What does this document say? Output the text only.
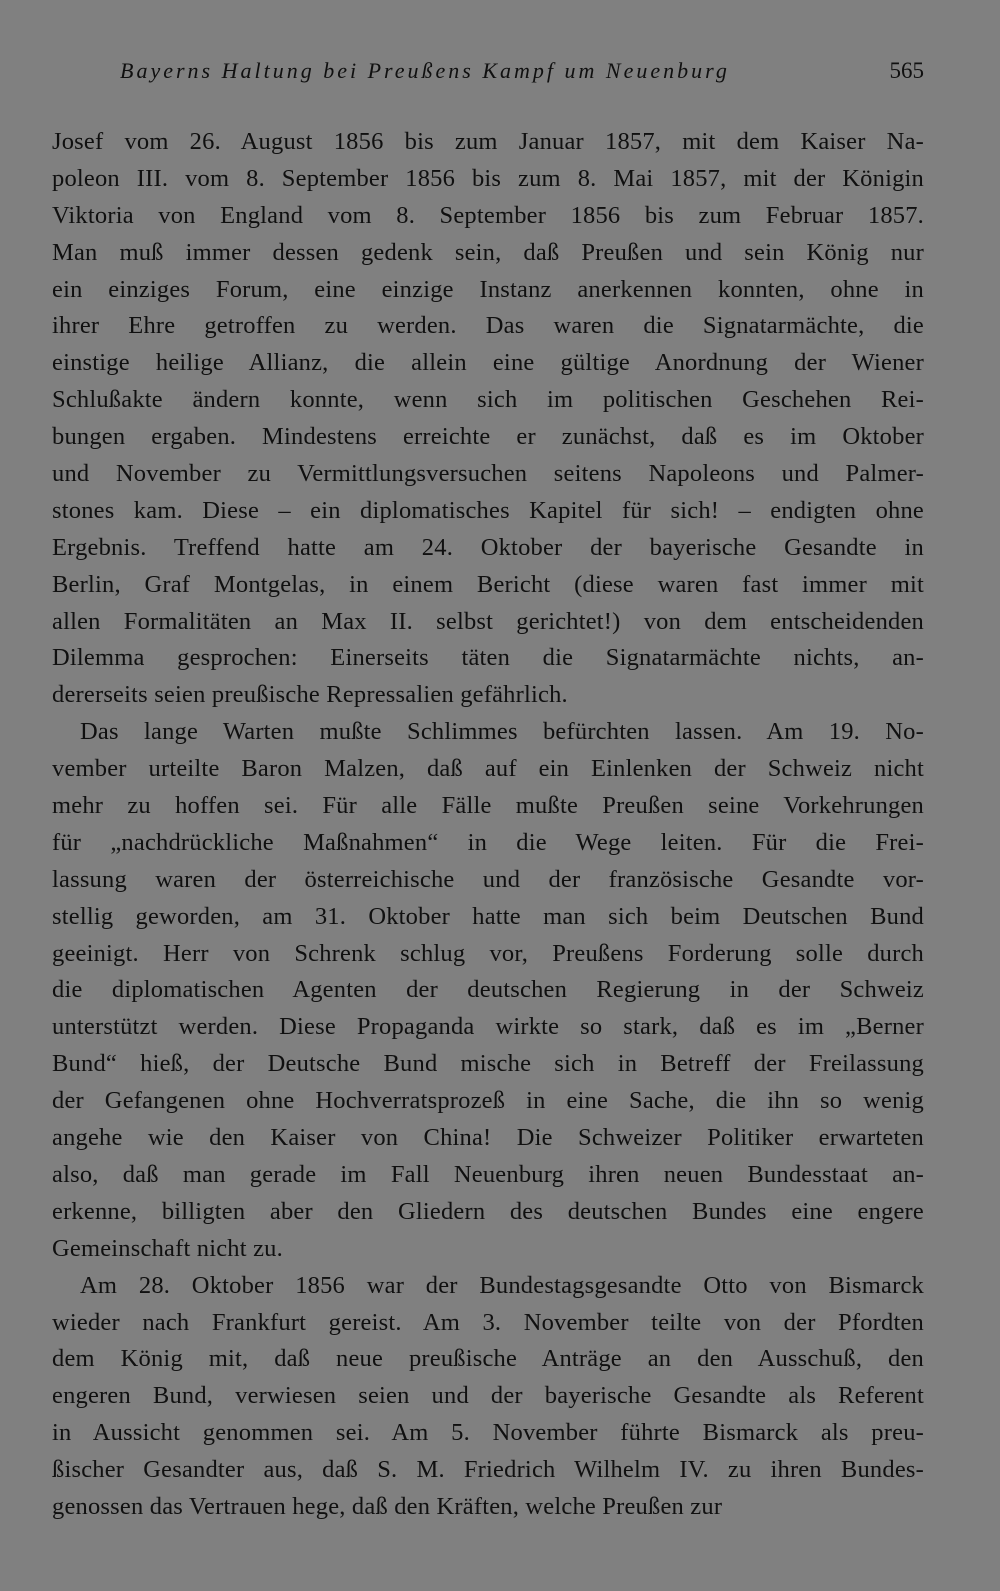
Bayerns Haltung bei Preußens Kampf um Neuenburg	565
Josef vom 26. August 1856 bis zum Januar 1857, mit dem Kaiser Na-
poleon III. vom 8. September 1856 bis zum 8. Mai 1857, mit der Königin
Viktoria von England vom 8. September 1856 bis zum Februar 1857.
Man muß immer dessen gedenk sein, daß Preußen und sein König nur
ein einziges Forum, eine einzige Instanz anerkennen konnten, ohne in
ihrer Ehre getroffen zu werden. Das waren die Signatarmächte, die
einstige heilige Allianz, die allein eine gültige Anordnung der Wiener
Schlußakte ändern konnte, wenn sich im politischen Geschehen Rei-
bungen ergaben. Mindestens erreichte er zunächst, daß es im Oktober
und November zu Vermittlungsversuchen seitens Napoleons und Palmer-
stones kam. Diese – ein diplomatisches Kapitel für sich! – endigten ohne
Ergebnis. Treffend hatte am 24. Oktober der bayerische Gesandte in
Berlin, Graf Montgelas, in einem Bericht (diese waren fast immer mit
allen Formalitäten an Max II. selbst gerichtet!) von dem entscheidenden
Dilemma gesprochen: Einerseits täten die Signatarmächte nichts, an-
dererseits seien preußische Repressalien gefährlich.
Das lange Warten mußte Schlimmes befürchten lassen. Am 19. No-
vember urteilte Baron Malzen, daß auf ein Einlenken der Schweiz nicht
mehr zu hoffen sei. Für alle Fälle mußte Preußen seine Vorkehrungen
für „nachdrückliche Maßnahmen“ in die Wege leiten. Für die Frei-
lassung waren der österreichische und der französische Gesandte vor-
stellig geworden, am 31. Oktober hatte man sich beim Deutschen Bund
geeinigt. Herr von Schrenk schlug vor, Preußens Forderung solle durch
die diplomatischen Agenten der deutschen Regierung in der Schweiz
unterstützt werden. Diese Propaganda wirkte so stark, daß es im „Berner
Bund“ hieß, der Deutsche Bund mische sich in Betreff der Freilassung
der Gefangenen ohne Hochverratsprozeß in eine Sache, die ihn so wenig
angehe wie den Kaiser von China! Die Schweizer Politiker erwarteten
also, daß man gerade im Fall Neuenburg ihren neuen Bundesstaat an-
erkenne, billigten aber den Gliedern des deutschen Bundes eine engere
Gemeinschaft nicht zu.
Am 28. Oktober 1856 war der Bundestagsgesandte Otto von Bismarck
wieder nach Frankfurt gereist. Am 3. November teilte von der Pfordten
dem König mit, daß neue preußische Anträge an den Ausschuß, den
engeren Bund, verwiesen seien und der bayerische Gesandte als Referent
in Aussicht genommen sei. Am 5. November führte Bismarck als preu-
ßischer Gesandter aus, daß S. M. Friedrich Wilhelm IV. zu ihren Bundes-
genossen das Vertrauen hege, daß den Kräften, welche Preußen zur
